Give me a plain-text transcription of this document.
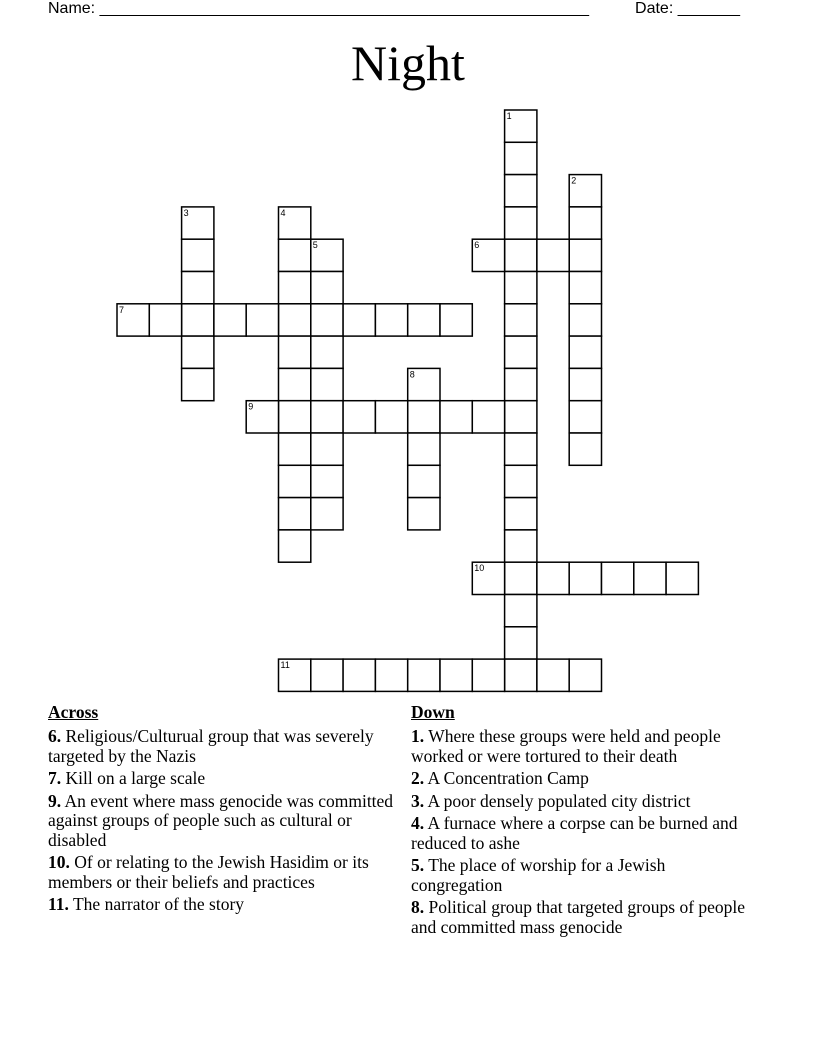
Name: _______________________________________________________	Date: _______
Night
1
2
3	4
5	6
7
8
9
10
11
Across
6. Religious/Culturual group that was severely targeted by the Nazis
7. Kill on a large scale
9. An event where mass genocide was committed against groups of people such as cultural or disabled
10. Of or relating to the Jewish Hasidim or its members or their beliefs and practices
11. The narrator of the story
Down
1. Where these groups were held and people worked or were tortured to their death
2. A Concentration Camp
3. A poor densely populated city district
4. A furnace where a corpse can be burned and reduced to ashe
5. The place of worship for a Jewish congregation
8. Political group that targeted groups of people and committed mass genocide
